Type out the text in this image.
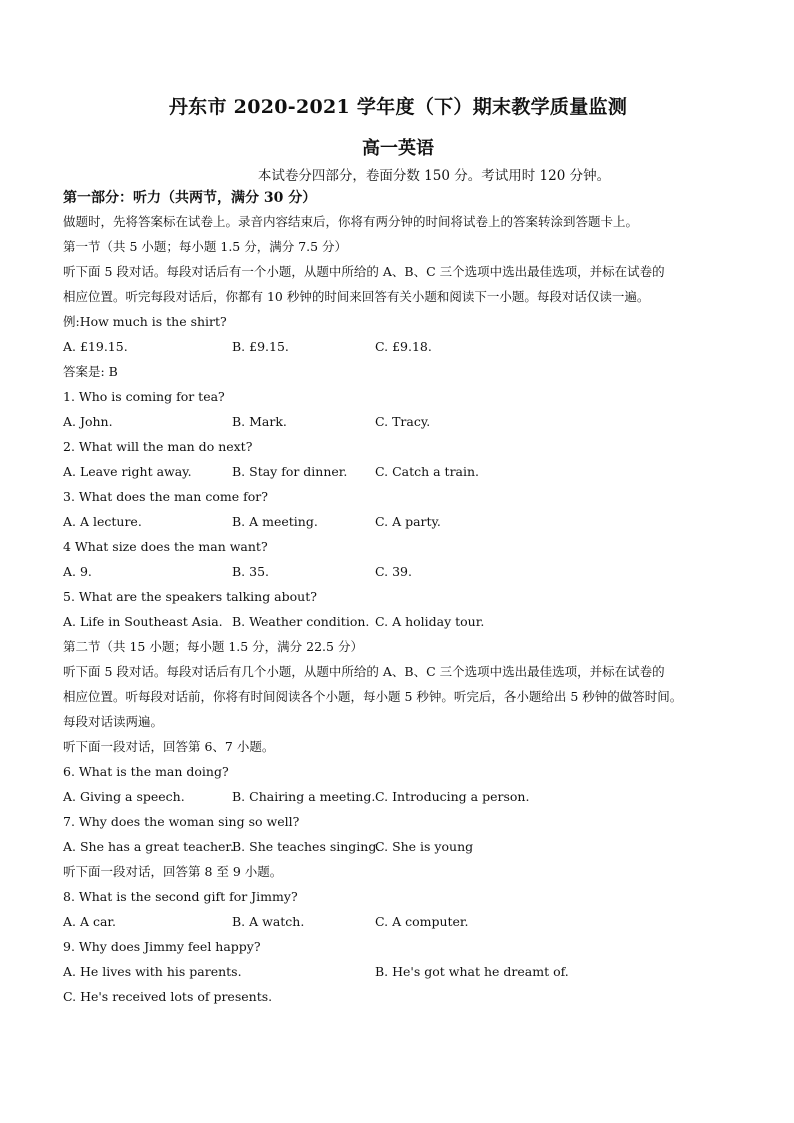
丹东市 2020-2021 学年度（下）期末教学质量监测
高一英语
本试卷分四部分，卷面分数 150 分。考试用时 120 分钟。
第一部分：听力（共两节，满分 30 分）
做题时，先将答案标在试卷上。录音内容结束后，你将有两分钟的时间将试卷上的答案转涂到答题卡上。
第一节（共 5 小题；每小题 1.5 分，满分 7.5 分）
听下面 5 段对话。每段对话后有一个小题，从题中所给的 A、B、C 三个选项中选出最佳选项，并标在试卷的
相应位置。听完每段对话后，你都有 10 秒钟的时间来回答有关小题和阅读下一小题。每段对话仅读一遍。
例:How much is the shirt?
A. £19.15.	B. £9.15.	C. £9.18.
答案是: B
1. Who is coming for tea?
A. John.	B. Mark.	C. Tracy.
2. What will the man do next?
A. Leave right away.	B. Stay for dinner.	C. Catch a train.
3. What does the man come for?
A. A lecture.	B. A meeting.	C. A party.
4 What size does the man want?
A. 9.	B. 35.	C. 39.
5. What are the speakers talking about?
A. Life in Southeast Asia. B. Weather condition. C. A holiday tour.
第二节（共 15 小题；每小题 1.5 分，满分 22.5 分）
听下面 5 段对话。每段对话后有几个小题，从题中所给的 A、B、C 三个选项中选出最佳选项，并标在试卷的
相应位置。听每段对话前，你将有时间阅读各个小题，每小题 5 秒钟。听完后，各小题给出 5 秒钟的做答时间。
每段对话读两遍。
听下面一段对话，回答第 6、7 小题。
6. What is the man doing?
A. Giving a speech.	B. Chairing a meeting. C. Introducing a person.
7. Why does the woman sing so well?
A. She has a great teacher.
B. She teaches singing.
C. She is young
听下面一段对话，回答第 8 至 9 小题。
8. What is the second gift for Jimmy?
A. A car.	B. A watch.	C. A computer.
9. Why does Jimmy feel happy?
A. He lives with his parents.	B. He's got what he dreamt of.
C. He's received lots of presents.
